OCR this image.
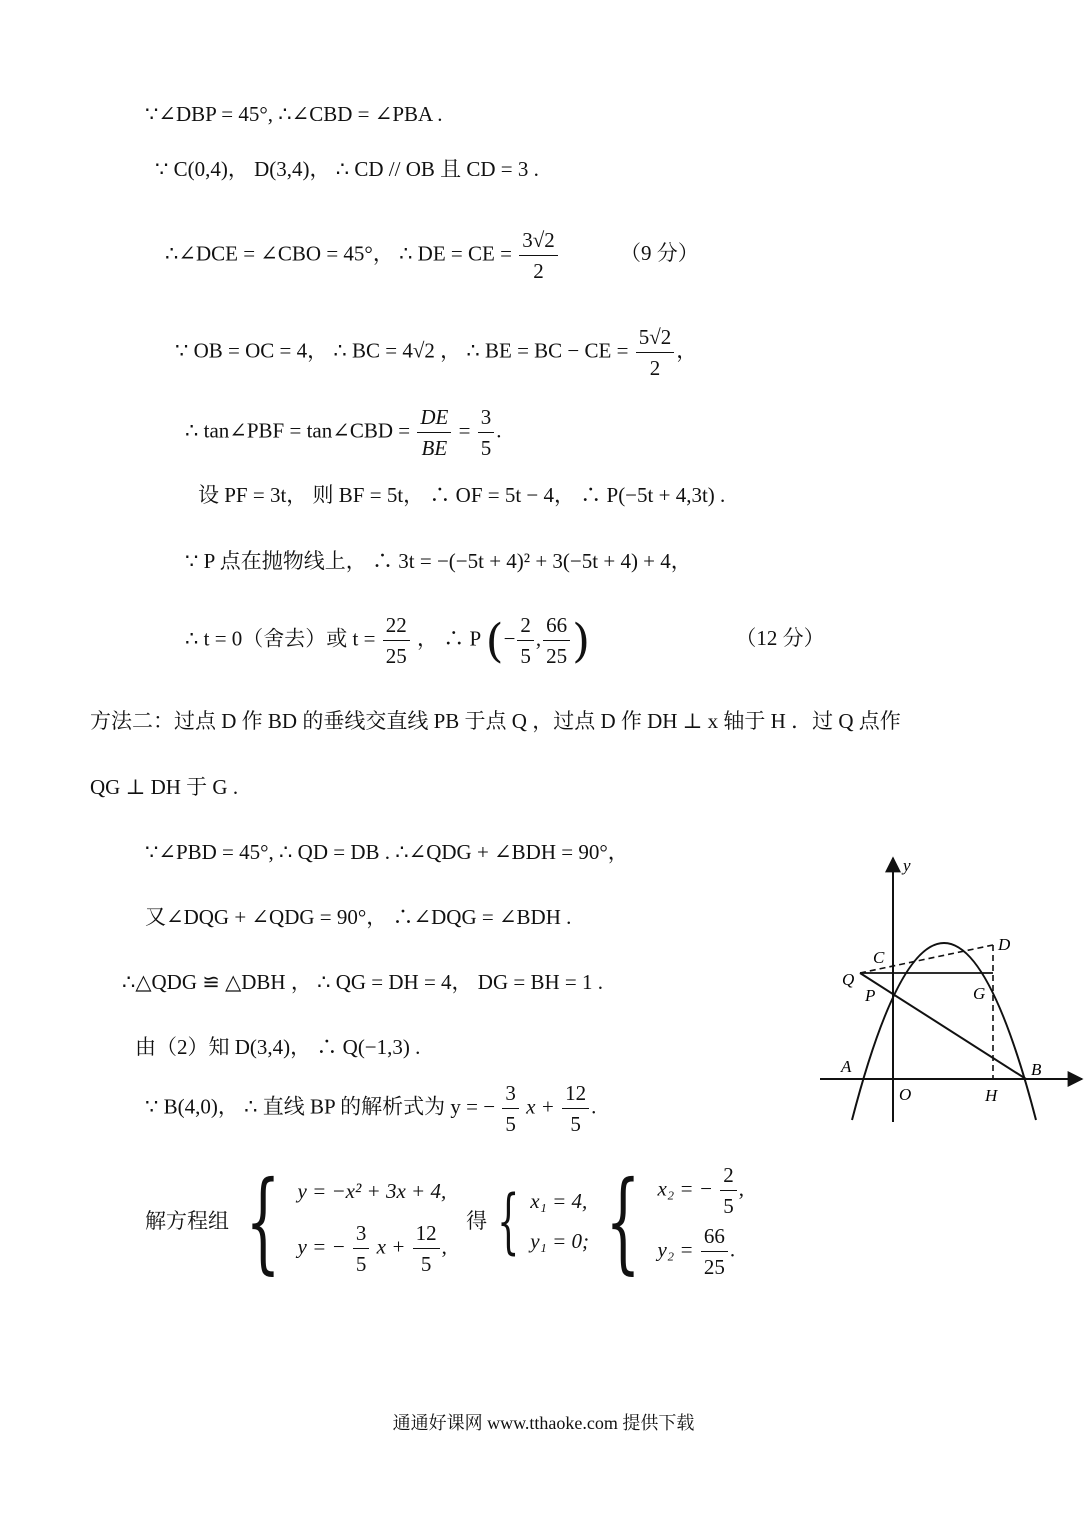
∵∠DBP = 45°, ∴∠CBD = ∠PBA .
∵ C(0,4)， D(3,4)， ∴ CD // OB 且 CD = 3 .
∴∠DCE = ∠CBO = 45°， ∴ DE = CE = $\frac{3√2}{2}$	（9 分）
∵ OB = OC = 4， ∴ BC = 4√2 ， ∴ BE = BC − CE = $\frac{5√2}{2}$ ，
∴ tan∠PBF = tan∠CBD = $\frac{DE}{BE} = \frac{3}{5}$ .
设 PF = 3t， 则 BF = 5t， ∴ OF = 5t − 4， ∴ P(−5t + 4,3t) .
∵ P 点在抛物线上， ∴ 3t = −(−5t + 4)² + 3(−5t + 4) + 4，
∴ t = 0（舍去）或 $t = \frac{22}{25}$ ， ∴ P (− $\frac{2}{5}$ , $\frac{66}{25}$ )	（12 分）
方法二：过点 D 作 BD 的垂线交直线 PB 于点 Q ，过点 D 作 DH ⊥ x 轴于 H ．过 Q 点作
QG ⊥ DH 于 G .
∵∠PBD = 45°, ∴ QD = DB . ∴∠QDG + ∠BDH = 90°，
又∠DQG + ∠QDG = 90°， ∴∠DQG = ∠BDH .
∴△QDG ≌ △DBH ， ∴ QG = DH = 4， DG = BH = 1 .
由（2）知 D(3,4)， ∴ Q(−1,3) .
∵ B(4,0)， ∴ 直线 BP 的解析式为 y = − $\frac{3}{5}$ $x + \frac{12}{5}$ .
解方程组 { y = −x² + 3x + 4,
y = − $\frac{3}{5}$ $x + \frac{12}{5}$ ,
得 { x₁ = 4,
y₁ = 0; { x₂ = − $\frac{2}{5}$ ,
$y_2 = \frac{66}{25}$ .
y
C
D
Q
P	G
A
O	H
B
通通好课网 www.tthaoke.com 提供下载
